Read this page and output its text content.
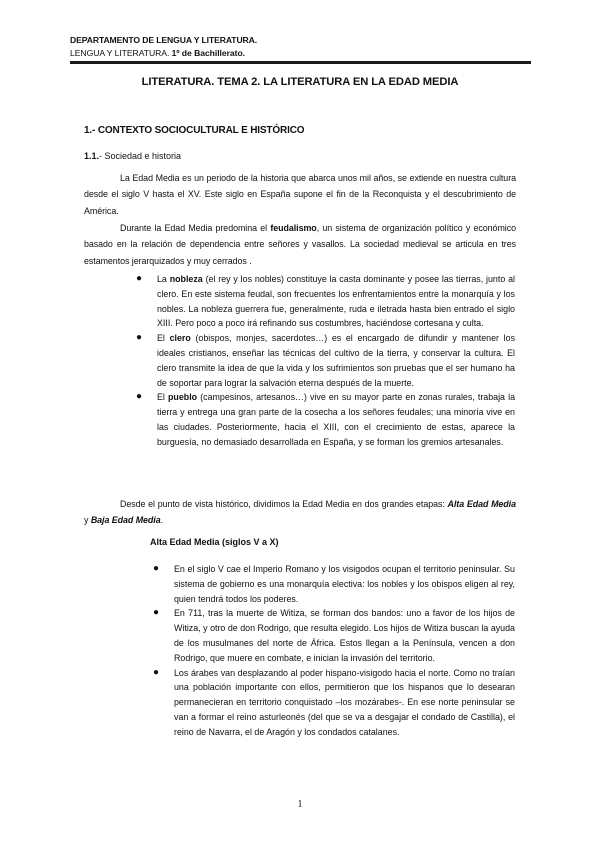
DEPARTAMENTO DE LENGUA Y LITERATURA.
LENGUA Y LITERATURA. 1º de Bachillerato.
LITERATURA. TEMA 2. LA LITERATURA EN LA EDAD MEDIA
1.- CONTEXTO SOCIOCULTURAL E HISTÓRICO
1.1.- Sociedad e historia
La Edad Media es un periodo de la historia que abarca unos mil años, se extiende en nuestra cultura desde el siglo V hasta el XV. Este siglo en España supone el fin de la Reconquista y el descubrimiento de América.
Durante la Edad Media predomina el feudalismo, un sistema de organización político y económico basado en la relación de dependencia entre señores y vasallos. La sociedad medieval se articula en tres estamentos jerarquizados y muy cerrados .
● La nobleza (el rey y los nobles) constituye la casta dominante y posee las tierras, junto al clero. En este sistema feudal, son frecuentes los enfrentamientos entre la monarquía y los nobles. La nobleza guerrera fue, generalmente, ruda e iletrada hasta bien entrado el siglo XIII. Pero poco a poco irá refinando sus costumbres, haciéndose cortesana y culta.
● El clero (obispos, monjes, sacerdotes…) es el encargado de difundir y mantener los ideales cristianos, enseñar las técnicas del cultivo de la tierra, y conservar la cultura. El clero transmite la idea de que la vida y los sufrimientos son pruebas que el ser humano ha de soportar para lograr la salvación eterna después de la muerte.
● El pueblo (campesinos, artesanos…) vive en su mayor parte en zonas rurales, trabaja la tierra y entrega una gran parte de la cosecha a los señores feudales; una minoría vive en las ciudades. Posteriormente, hacia el XIII, con el crecimiento de estas, aparece la burguesía, no demasiado desarrollada en España, y se forman los gremios artesanales.
Desde el punto de vista histórico, dividimos la Edad Media en dos grandes etapas: Alta Edad Media y Baja Edad Media.
Alta Edad Media (siglos V a X)
● En el siglo V cae el Imperio Romano y los visigodos ocupan el territorio peninsular. Su sistema de gobierno es una monarquía electiva: los nobles y los obispos eligen al rey, quien tendrá todos los poderes.
● En 711, tras la muerte de Witiza, se forman dos bandos: uno a favor de los hijos de Witiza, y otro de don Rodrigo, que resulta elegido. Los hijos de Witiza buscan la ayuda de los musulmanes del norte de África. Estos llegan a la Península, vencen a don Rodrigo, que muere en combate, e inician la invasión del territorio.
● Los árabes van desplazando al poder hispano-visigodo hacia el norte. Como no traían una población importante con ellos, permitieron que los hispanos que lo desearan permanecieran en territorio conquistado –los mozárabes-. En ese norte peninsular se van a formar el reino asturleonés (del que se va a desgajar el condado de Castilla), el reino de Navarra, el de Aragón y los condados catalanes.
1
